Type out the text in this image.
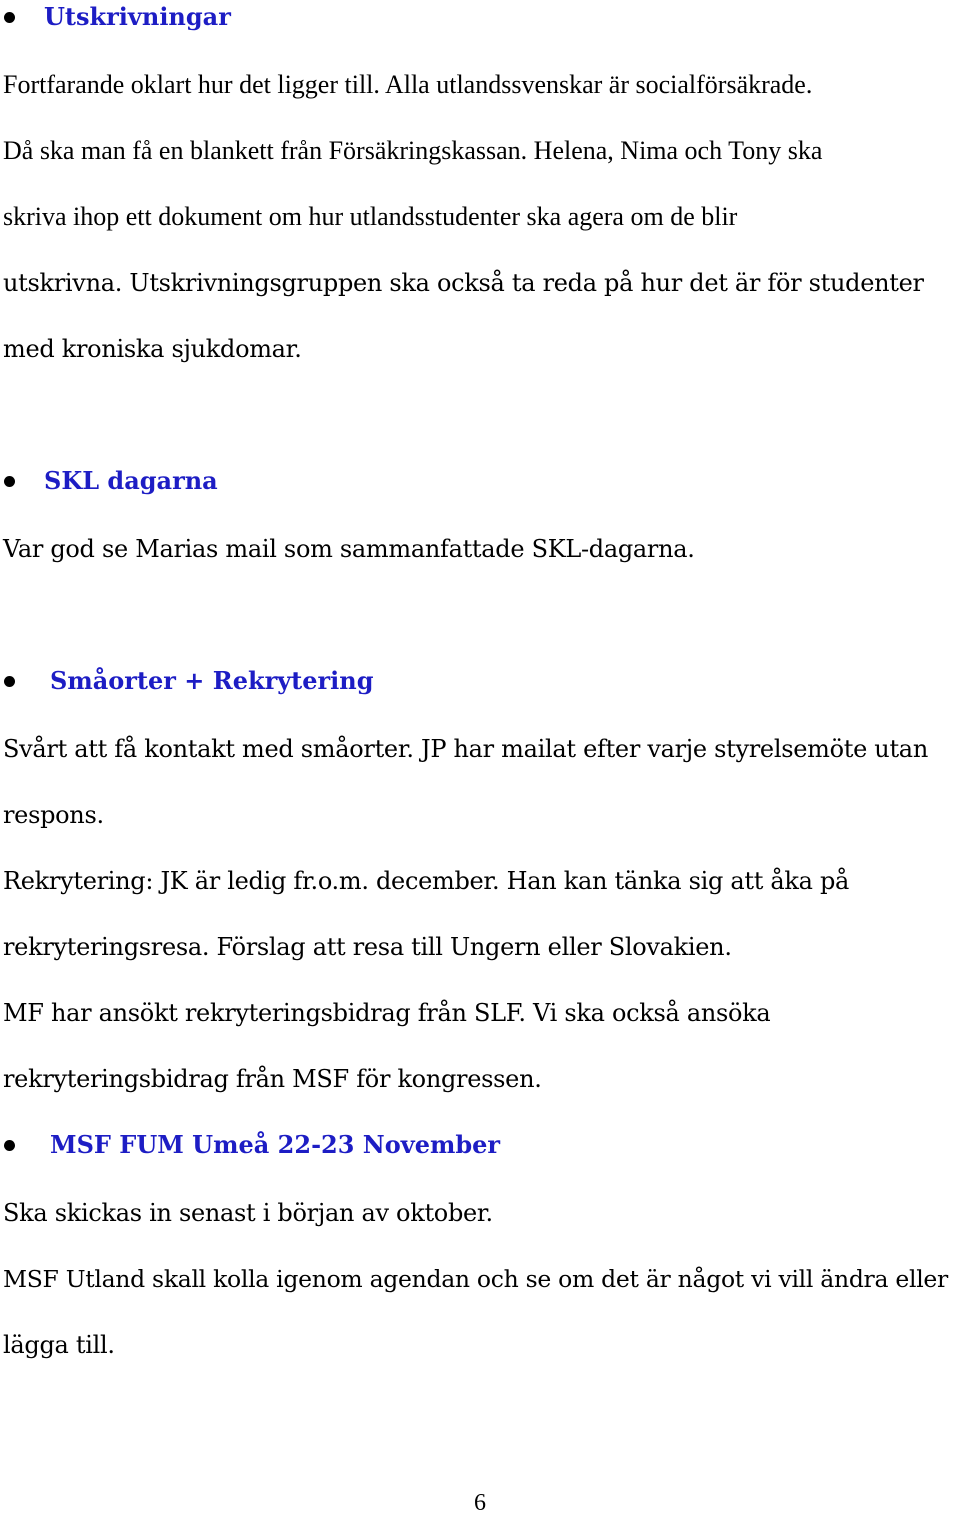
Utskrivningar

Fortfarande oklart hur det ligger till. Alla utlandssvenskar är socialförsäkrade.

Då ska man få en blankett från Försäkringskassan. Helena, Nima och Tony ska

skriva ihop ett dokument om hur utlandsstudenter ska agera om de blir

utskrivna. Utskrivningsgruppen ska också ta reda på hur det är för studenter

med kroniska sjukdomar.

SKL dagarna

Var god se Marias mail som sammanfattade SKL-dagarna.

Småorter + Rekrytering

Svårt att få kontakt med småorter. JP har mailat efter varje styrelsemöte utan

respons.

Rekrytering: JK är ledig fr.o.m. december. Han kan tänka sig att åka på

rekryteringsresa. Förslag att resa till Ungern eller Slovakien.

MF har ansökt rekryteringsbidrag från SLF. Vi ska också ansöka

rekryteringsbidrag från MSF för kongressen.

MSF FUM Umeå 22-23 November

Ska skickas in senast i början av oktober.

MSF Utland skall kolla igenom agendan och se om det är något vi vill ändra eller

lägga till.

6
